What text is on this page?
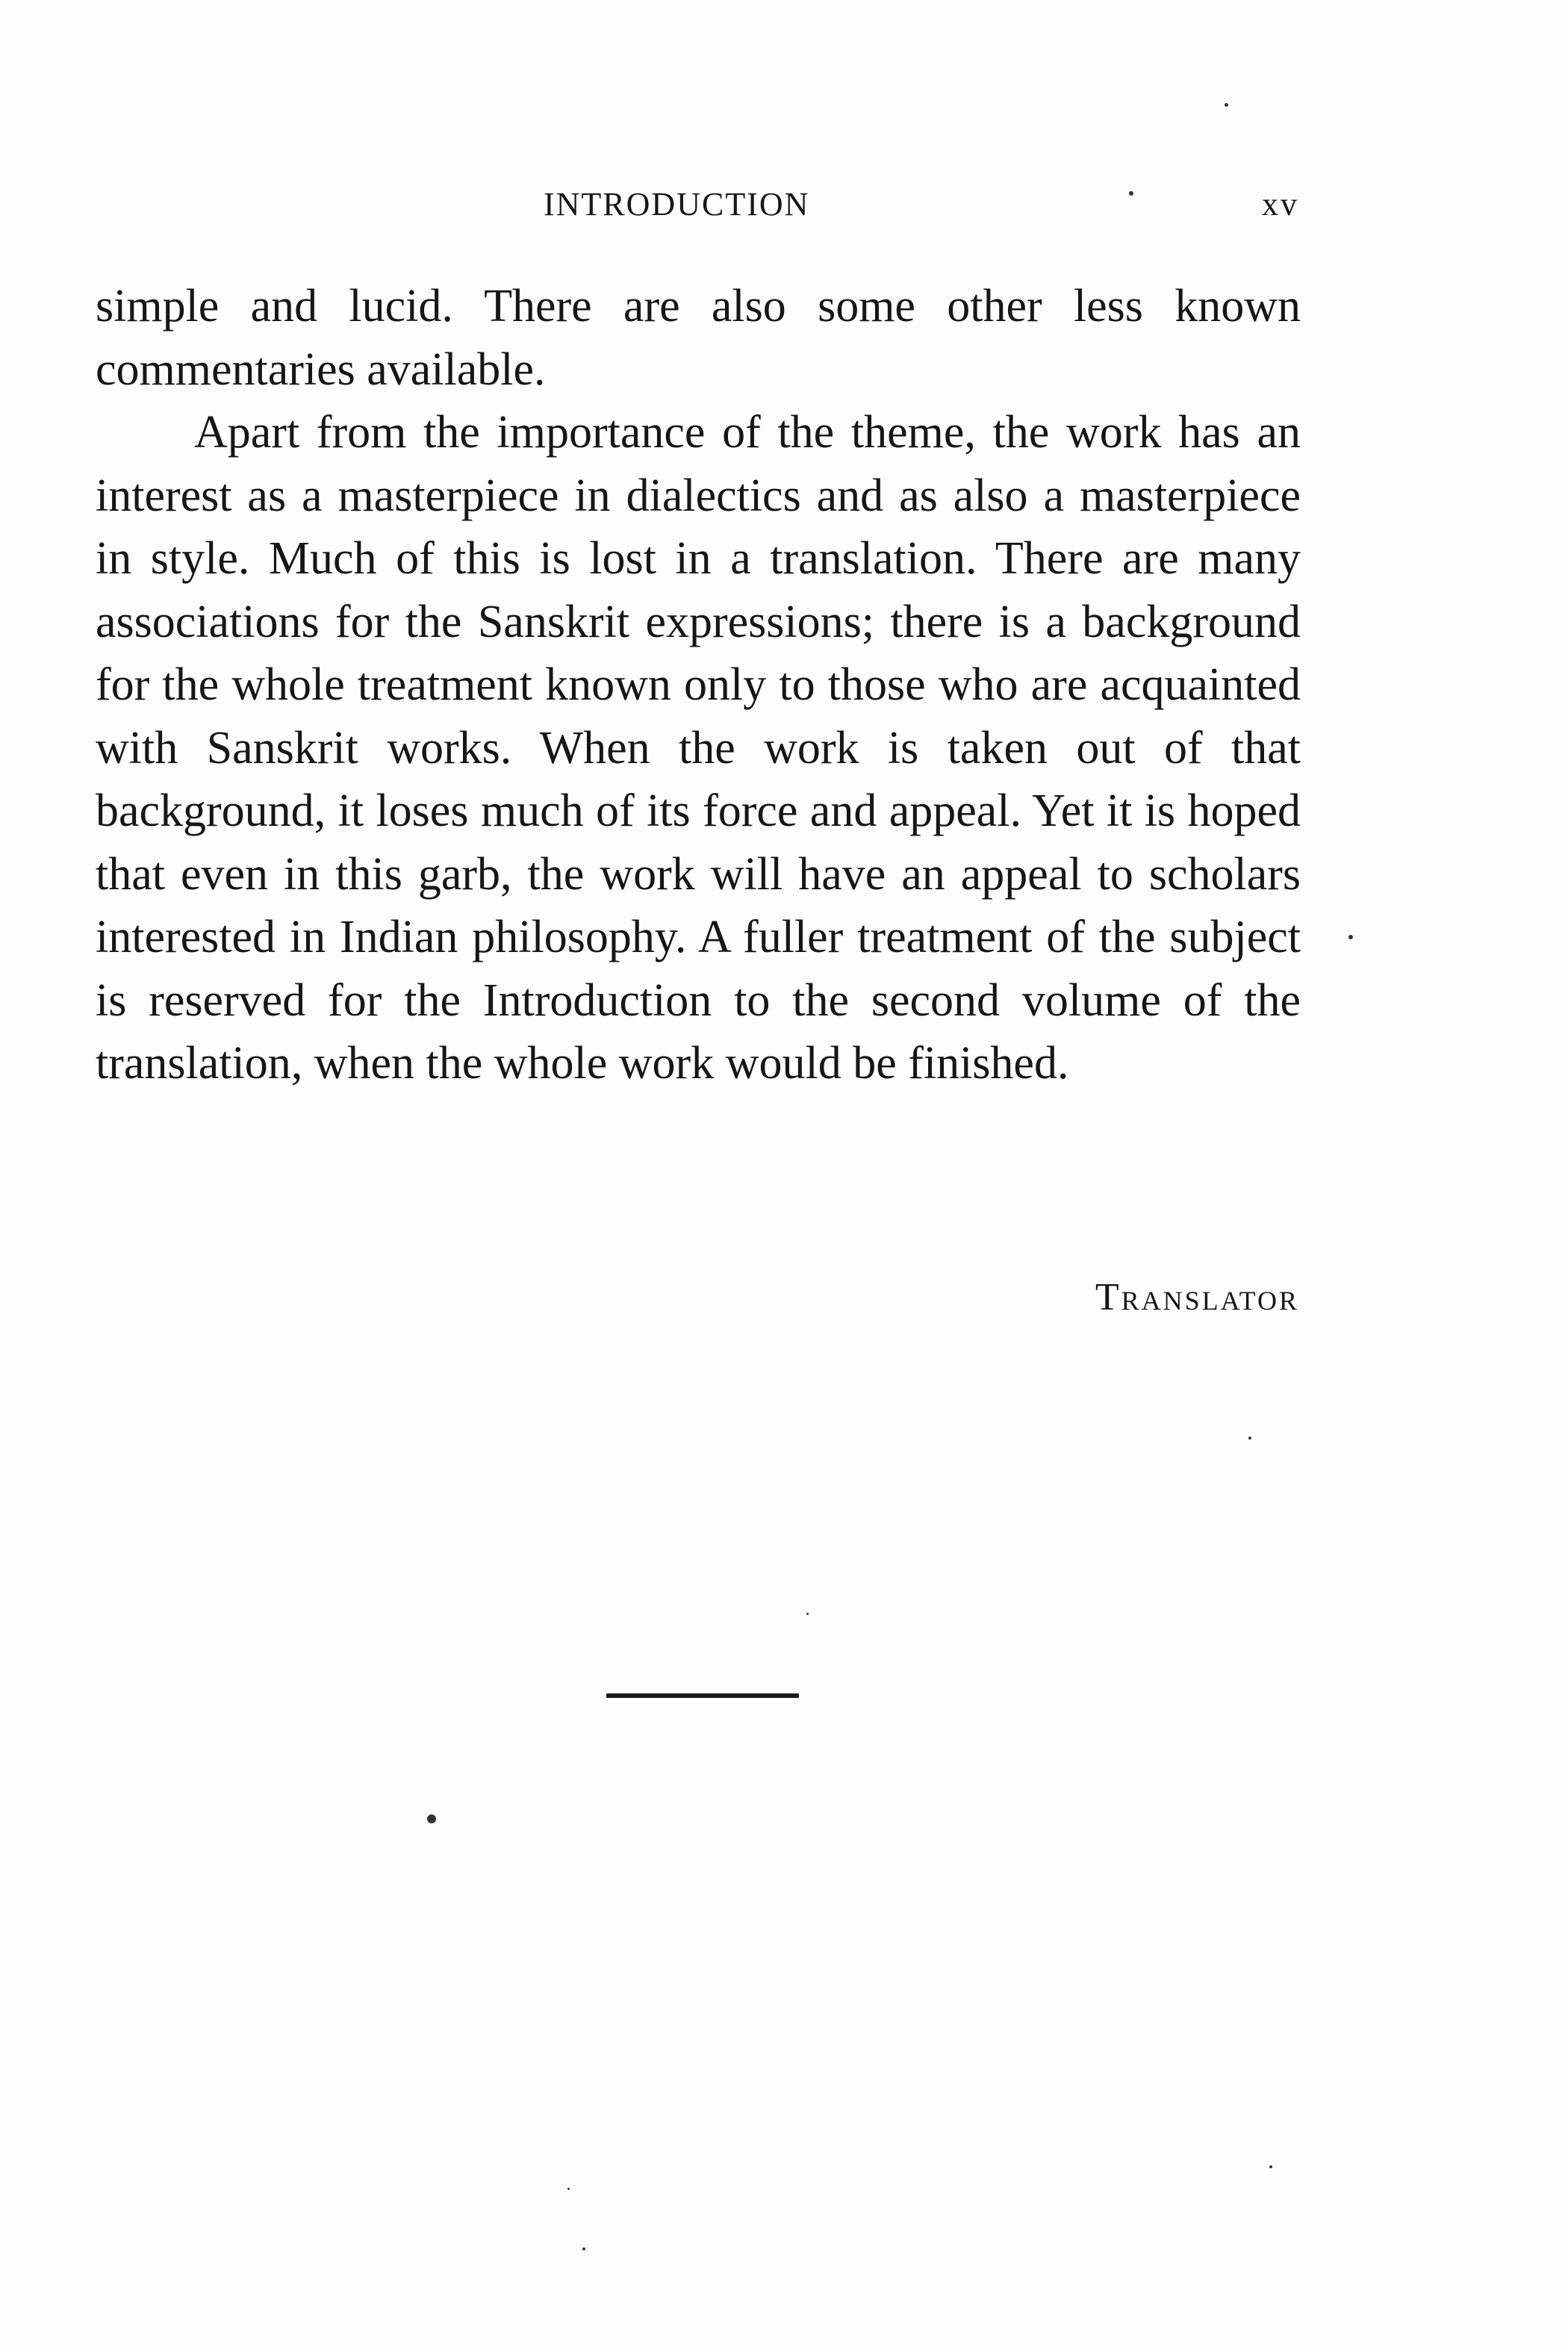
INTRODUCTION	xv

simple and lucid. There are also some other less known commentaries available.

Apart from the importance of the theme, the work has an interest as a masterpiece in dialectics and as also a masterpiece in style. Much of this is lost in a translation. There are many associations for the Sanskrit expressions; there is a background for the whole treatment known only to those who are acquainted with Sanskrit works. When the work is taken out of that background, it loses much of its force and appeal. Yet it is hoped that even in this garb, the work will have an appeal to scholars interested in Indian philosophy. A fuller treatment of the subject is reserved for the Introduction to the second volume of the translation, when the whole work would be finished.

Translator
